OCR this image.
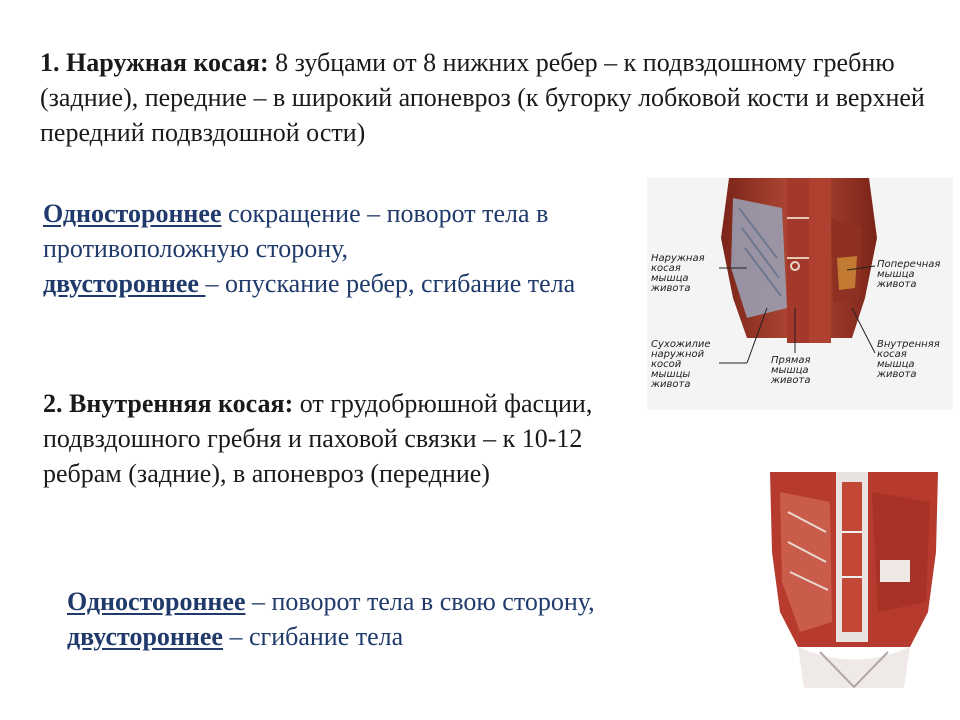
1. Наружная косая: 8 зубцами от 8 нижних ребер – к подвздошному гребню (задние), передние – в широкий апоневроз (к бугорку лобковой кости и верхней передний подвздошной ости)

Одностороннее сокращение – поворот тела в противоположную сторону,
двустороннее – опускание ребер, сгибание тела

2. Внутренняя косая: от грудобрюшной фасции, подвздошного гребня и паховой связки – к 10-12 ребрам (задние), в апоневроз (передние)

Одностороннее – поворот тела в свою сторону, двустороннее – сгибание тела

Наружная
косая
мышца
живота
Поперечная
мышца
живота
Сухожилие
наружной
косой
мышцы
живота
Прямая
мышца
живота
Внутренняя
косая
мышца
живота
